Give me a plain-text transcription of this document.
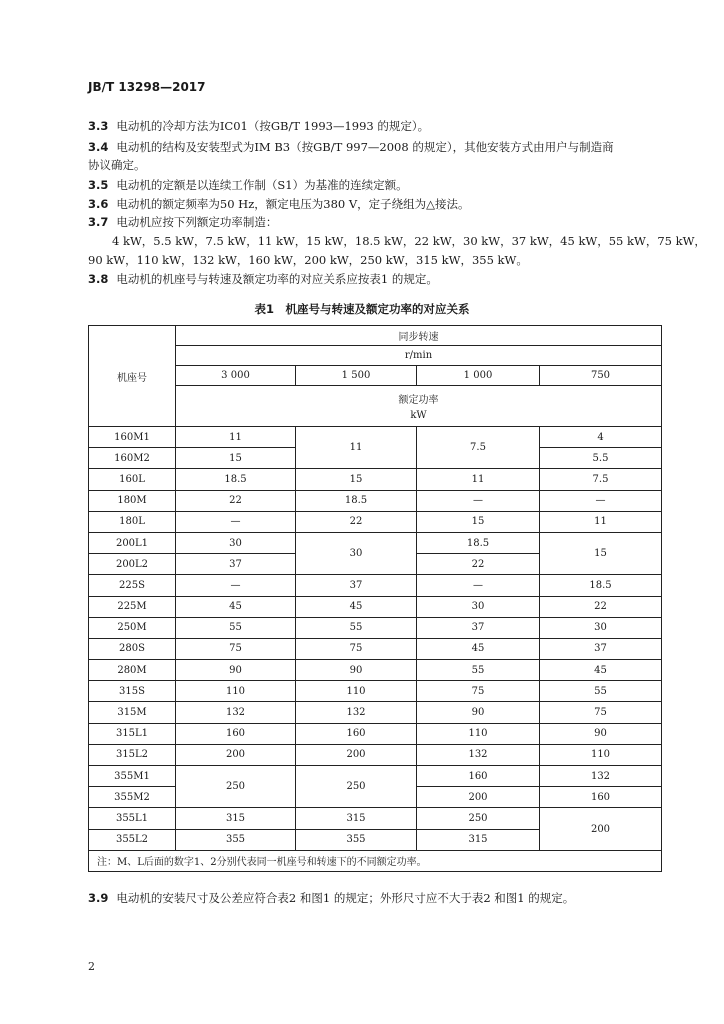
JB/T 13298—2017
3.3 电动机的冷却方法为IC01（按GB/T 1993—1993 的规定）。
3.4 电动机的结构及安装型式为IM B3（按GB/T 997—2008 的规定），其他安装方式由用户与制造商
协议确定。
3.5 电动机的定额是以连续工作制（S1）为基准的连续定额。
3.6 电动机的额定频率为50 Hz，额定电压为380 V，定子绕组为△接法。
3.7 电动机应按下列额定功率制造：
4 kW，5.5 kW，7.5 kW，11 kW，15 kW，18.5 kW，22 kW，30 kW，37 kW，45 kW，55 kW，75 kW，
90 kW，110 kW，132 kW，160 kW，200 kW，250 kW，315 kW，355 kW。
3.8 电动机的机座号与转速及额定功率的对应关系应按表1 的规定。
表1　机座号与转速及额定功率的对应关系
机座号	同步转速			
	r/min			
	3 000	1 500	1 000	750

	额定功率
kW			

160M1	11	11	7.5	4
160M2	15			5.5
160L	18.5	15	11	7.5
180M	22	18.5	—	—
180L	—	22	15	11
200L1	30	30	18.5	15
200L2	37		22	
225S	—	37	—	18.5
225M	45	45	30	22
250M	55	55	37	30
280S	75	75	45	37
280M	90	90	55	45
315S	110	110	75	55
315M	132	132	90	75
315L1	160	160	110	90
315L2	200	200	132	110
355M1	250	250	160	132
355M2			200	160
355L1	315	315	250	200
355L2	355	355	315	
注：M、L后面的数字1、2分别代表同一机座号和转速下的不同额定功率。				
3.9 电动机的安装尺寸及公差应符合表2 和图1 的规定；外形尺寸应不大于表2 和图1 的规定。
2
